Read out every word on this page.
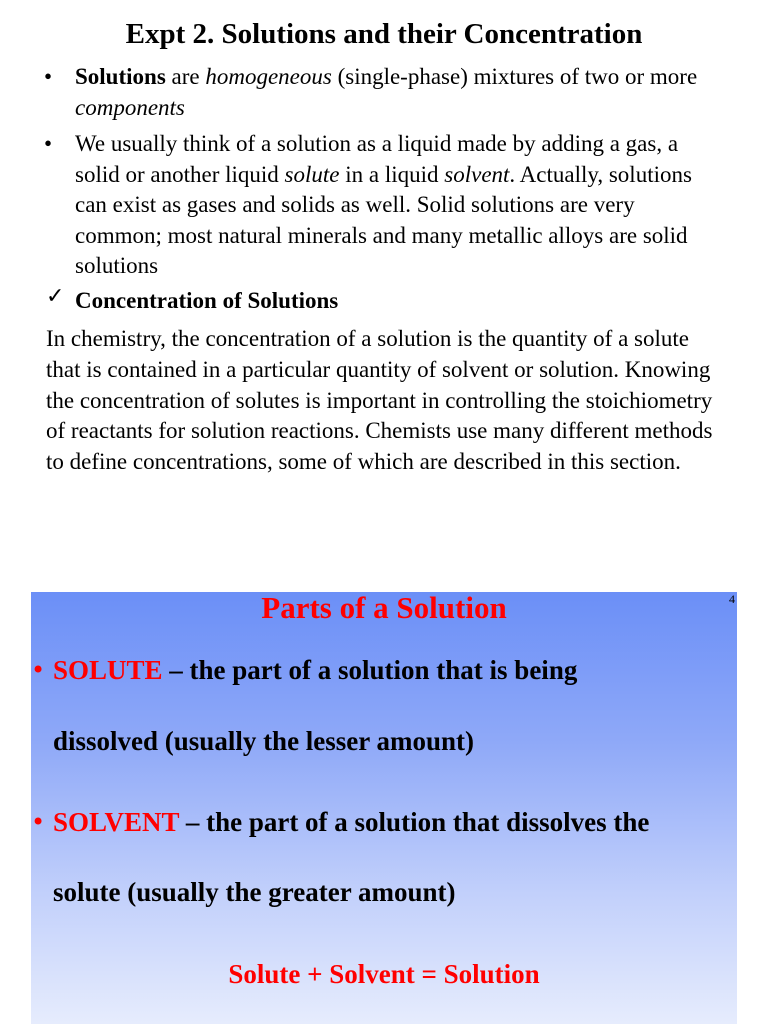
Expt 2. Solutions and their Concentration
• Solutions are homogeneous (single-phase) mixtures of two or more components
• We usually think of a solution as a liquid made by adding a gas, a solid or another liquid solute in a liquid solvent. Actually, solutions can exist as gases and solids as well. Solid solutions are very common; most natural minerals and many metallic alloys are solid solutions
✓ Concentration of Solutions
In chemistry, the concentration of a solution is the quantity of a solute that is contained in a particular quantity of solvent or solution. Knowing the concentration of solutes is important in controlling the stoichiometry of reactants for solution reactions. Chemists use many different methods to define concentrations, some of which are described in this section.
Parts of a Solution	4
• SOLUTE – the part of a solution that is being
dissolved (usually the lesser amount)
• SOLVENT – the part of a solution that dissolves the
solute (usually the greater amount)
Solute + Solvent = Solution
